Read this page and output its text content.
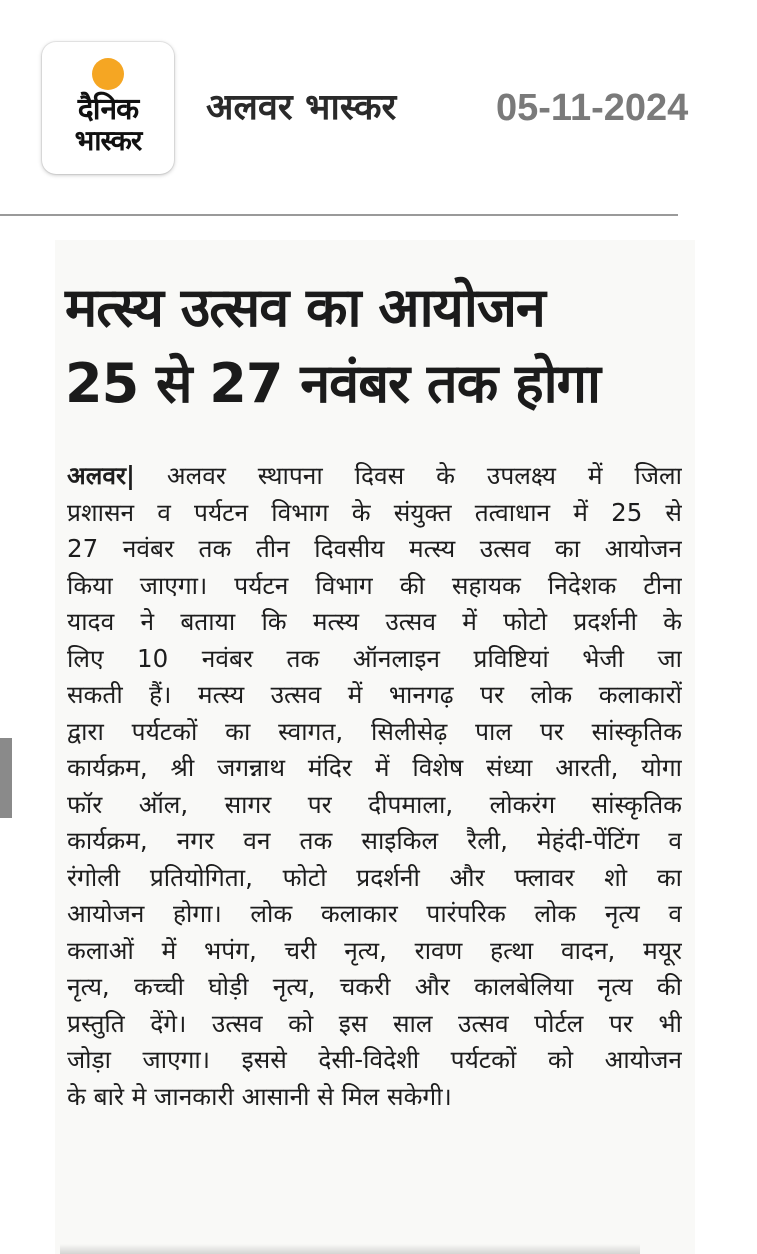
दैनिक
भास्कर
अलवर भास्कर	05-11-2024
मत्स्य उत्सव का आयोजन
25 से 27 नवंबर तक होगा
अलवर| अलवर स्थापना दिवस के उपलक्ष्य में जिला
प्रशासन व पर्यटन विभाग के संयुक्त तत्वाधान में 25 से
27 नवंबर तक तीन दिवसीय मत्स्य उत्सव का आयोजन
किया जाएगा। पर्यटन विभाग की सहायक निदेशक टीना
यादव ने बताया कि मत्स्य उत्सव में फोटो प्रदर्शनी के
लिए 10 नवंबर तक ऑनलाइन प्रविष्टियां भेजी जा
सकती हैं। मत्स्य उत्सव में भानगढ़ पर लोक कलाकारों
द्वारा पर्यटकों का स्वागत, सिलीसेढ़ पाल पर सांस्कृतिक
कार्यक्रम, श्री जगन्नाथ मंदिर में विशेष संध्या आरती, योगा
फॉर ऑल, सागर पर दीपमाला, लोकरंग सांस्कृतिक
कार्यक्रम, नगर वन तक साइकिल रैली, मेहंदी-पेंटिंग व
रंगोली प्रतियोगिता, फोटो प्रदर्शनी और फ्लावर शो का
आयोजन होगा। लोक कलाकार पारंपरिक लोक नृत्य व
कलाओं में भपंग, चरी नृत्य, रावण हत्था वादन, मयूर
नृत्य, कच्ची घोड़ी नृत्य, चकरी और कालबेलिया नृत्य की
प्रस्तुति देंगे। उत्सव को इस साल उत्सव पोर्टल पर भी
जोड़ा जाएगा। इससे देसी-विदेशी पर्यटकों को आयोजन
के बारे मे जानकारी आसानी से मिल सकेगी।
